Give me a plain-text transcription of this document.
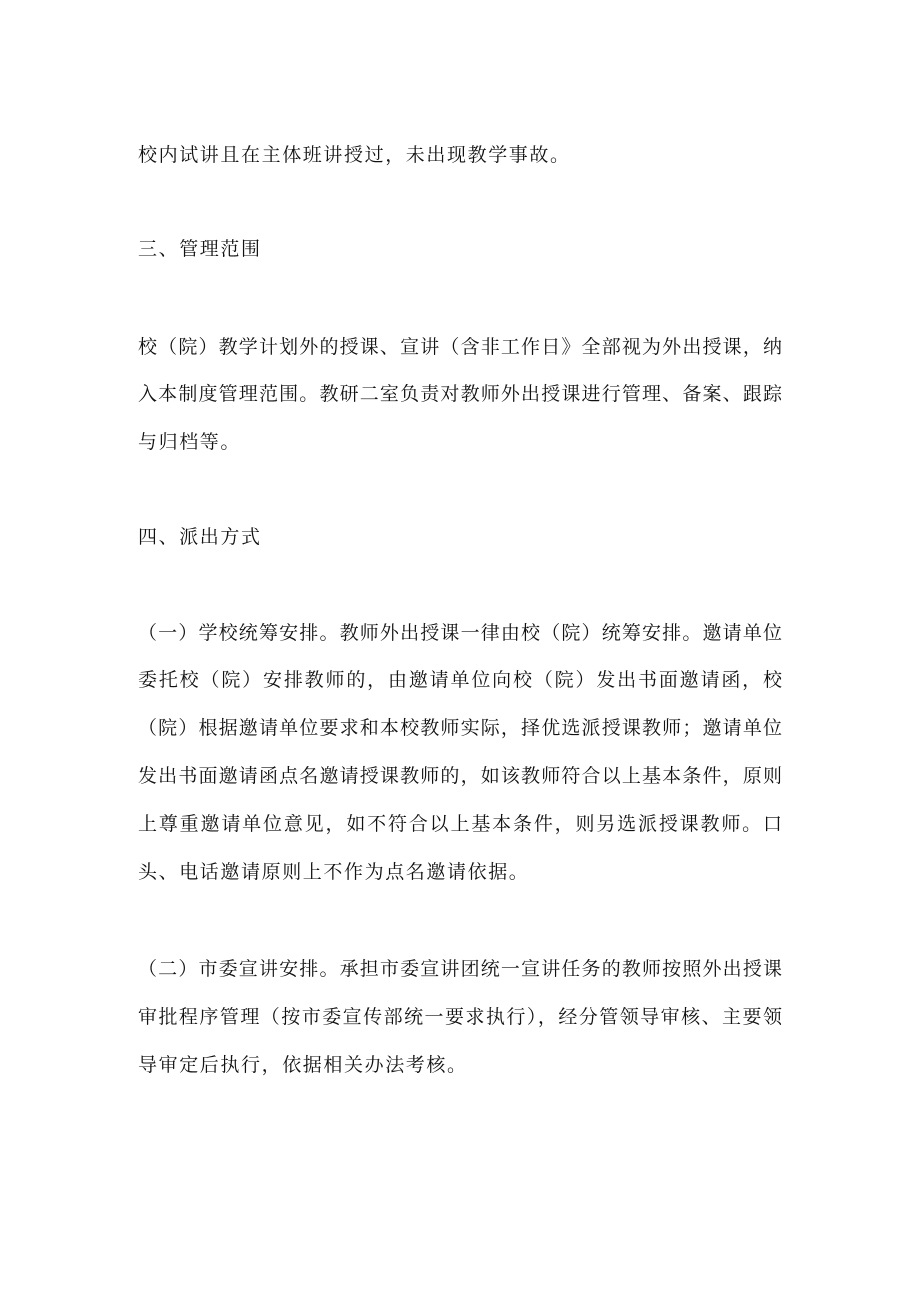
校内试讲且在主体班讲授过，未出现教学事故。
三、管理范围
校（院）教学计划外的授课、宣讲（含非工作日》全部视为外出授课，纳
入本制度管理范围。教研二室负责对教师外出授课进行管理、备案、跟踪
与归档等。
四、派出方式
（一）学校统筹安排。教师外出授课一律由校（院）统筹安排。邀请单位
委托校（院）安排教师的，由邀请单位向校（院）发出书面邀请函，校
（院）根据邀请单位要求和本校教师实际，择优选派授课教师；邀请单位
发出书面邀请函点名邀请授课教师的，如该教师符合以上基本条件，原则
上尊重邀请单位意见，如不符合以上基本条件，则另选派授课教师。口
头、电话邀请原则上不作为点名邀请依据。
（二）市委宣讲安排。承担市委宣讲团统一宣讲任务的教师按照外出授课
审批程序管理（按市委宣传部统一要求执行），经分管领导审核、主要领
导审定后执行，依据相关办法考核。
